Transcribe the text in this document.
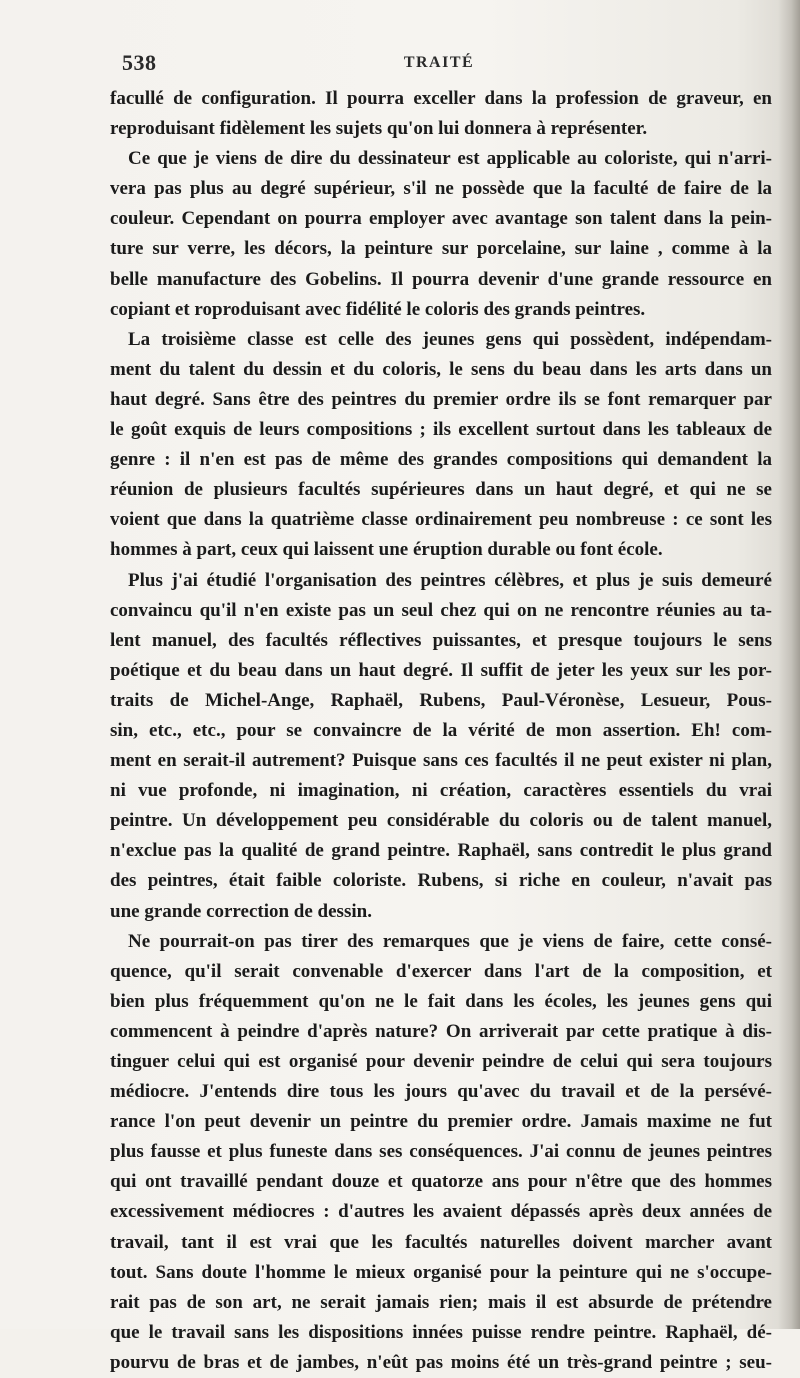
538	TRAITÉ
facullé de configuration. Il pourra exceller dans la profession de graveur, en
reproduisant fidèlement les sujets qu'on lui donnera à représenter.
Ce que je viens de dire du dessinateur est applicable au coloriste, qui n'arri-
vera pas plus au degré supérieur, s'il ne possède que la faculté de faire de la
couleur. Cependant on pourra employer avec avantage son talent dans la pein-
ture sur verre, les décors, la peinture sur porcelaine, sur laine , comme à la
belle manufacture des Gobelins. Il pourra devenir d'une grande ressource en
copiant et roproduisant avec fidélité le coloris des grands peintres.
La troisième classe est celle des jeunes gens qui possèdent, indépendam-
ment du talent du dessin et du coloris, le sens du beau dans les arts dans un
haut degré. Sans être des peintres du premier ordre ils se font remarquer par
le goût exquis de leurs compositions ; ils excellent surtout dans les tableaux de
genre : il n'en est pas de même des grandes compositions qui demandent la
réunion de plusieurs facultés supérieures dans un haut degré, et qui ne se
voient que dans la quatrième classe ordinairement peu nombreuse : ce sont les
hommes à part, ceux qui laissent une éruption durable ou font école.
Plus j'ai étudié l'organisation des peintres célèbres, et plus je suis demeuré
convaincu qu'il n'en existe pas un seul chez qui on ne rencontre réunies au ta-
lent manuel, des facultés réflectives puissantes, et presque toujours le sens
poétique et du beau dans un haut degré. Il suffit de jeter les yeux sur les por-
traits de Michel-Ange, Raphaël, Rubens, Paul-Véronèse, Lesueur, Pous-
sin, etc., etc., pour se convaincre de la vérité de mon assertion. Eh! com-
ment en serait-il autrement? Puisque sans ces facultés il ne peut exister ni plan,
ni vue profonde, ni imagination, ni création, caractères essentiels du vrai
peintre. Un développement peu considérable du coloris ou de talent manuel,
n'exclue pas la qualité de grand peintre. Raphaël, sans contredit le plus grand
des peintres, était faible coloriste. Rubens, si riche en couleur, n'avait pas
une grande correction de dessin.
Ne pourrait-on pas tirer des remarques que je viens de faire, cette consé-
quence, qu'il serait convenable d'exercer dans l'art de la composition, et
bien plus fréquemment qu'on ne le fait dans les écoles, les jeunes gens qui
commencent à peindre d'après nature? On arriverait par cette pratique à dis-
tinguer celui qui est organisé pour devenir peindre de celui qui sera toujours
médiocre. J'entends dire tous les jours qu'avec du travail et de la persévé-
rance l'on peut devenir un peintre du premier ordre. Jamais maxime ne fut
plus fausse et plus funeste dans ses conséquences. J'ai connu de jeunes peintres
qui ont travaillé pendant douze et quatorze ans pour n'être que des hommes
excessivement médiocres : d'autres les avaient dépassés après deux années de
travail, tant il est vrai que les facultés naturelles doivent marcher avant
tout. Sans doute l'homme le mieux organisé pour la peinture qui ne s'occupe-
rait pas de son art, ne serait jamais rien; mais il est absurde de prétendre
que le travail sans les dispositions innées puisse rendre peintre. Raphaël, dé-
pourvu de bras et de jambes, n'eût pas moins été un très-grand peintre ; seu-
